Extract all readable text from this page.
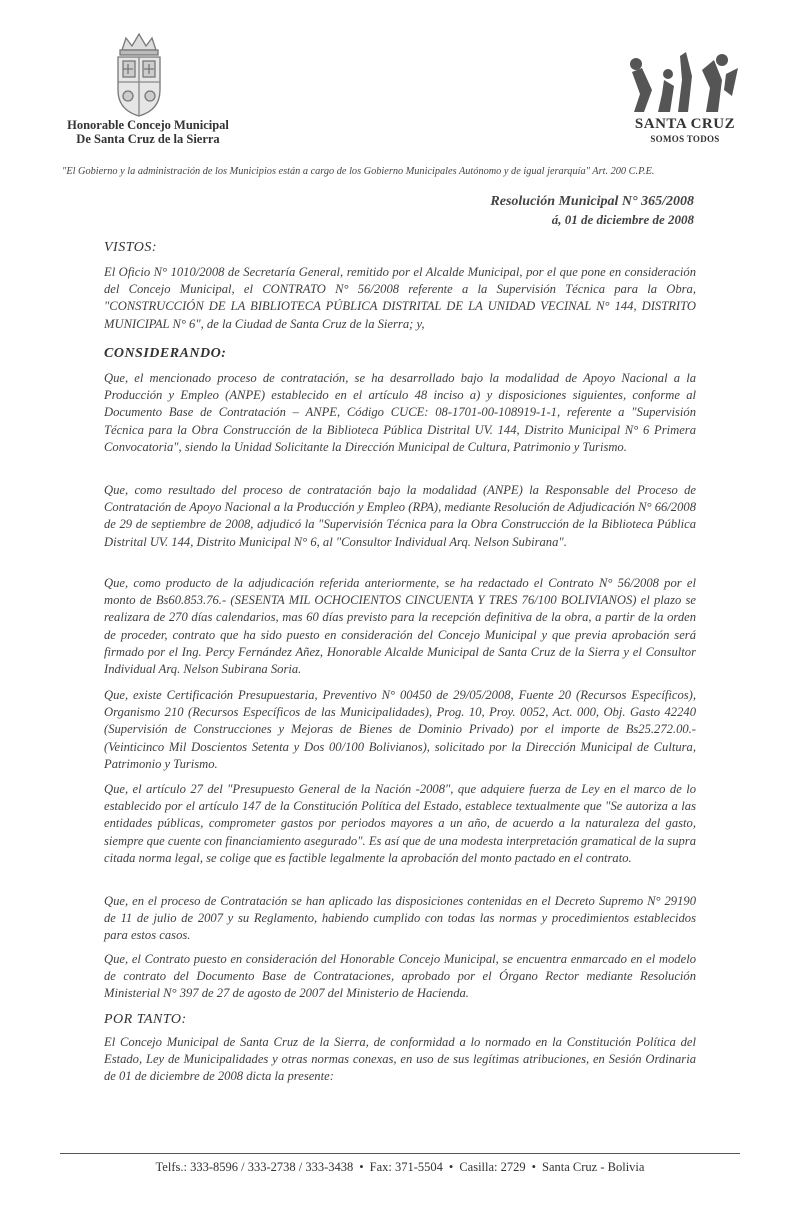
Honorable Concejo Municipal
De Santa Cruz de la Sierra
SANTA CRUZ
SOMOS TODOS
"El Gobierno y la administración de los Municipios están a cargo de los Gobierno Municipales Autónomo y de igual jerarquía" Art. 200 C.P.E.
Resolución Municipal N° 365/2008
á, 01 de diciembre de 2008
VISTOS:
El Oficio N° 1010/2008 de Secretaría General, remitido por el Alcalde Municipal, por el que pone en consideración del Concejo Municipal, el CONTRATO N° 56/2008 referente a la Supervisión Técnica para la Obra, "CONSTRUCCIÓN DE LA BIBLIOTECA PÚBLICA DISTRITAL DE LA UNIDAD VECINAL N° 144, DISTRITO MUNICIPAL N° 6", de la Ciudad de Santa Cruz de la Sierra; y,
CONSIDERANDO:
Que, el mencionado proceso de contratación, se ha desarrollado bajo la modalidad de Apoyo Nacional a la Producción y Empleo (ANPE) establecido en el artículo 48 inciso a) y disposiciones siguientes, conforme al Documento Base de Contratación – ANPE, Código CUCE: 08-1701-00-108919-1-1, referente a "Supervisión Técnica para la Obra Construcción de la Biblioteca Pública Distrital UV. 144, Distrito Municipal N° 6 Primera Convocatoria", siendo la Unidad Solicitante la Dirección Municipal de Cultura, Patrimonio y Turismo.
Que, como resultado del proceso de contratación bajo la modalidad (ANPE) la Responsable del Proceso de Contratación de Apoyo Nacional a la Producción y Empleo (RPA), mediante Resolución de Adjudicación N° 66/2008 de 29 de septiembre de 2008, adjudicó la "Supervisión Técnica para la Obra Construcción de la Biblioteca Pública Distrital UV. 144, Distrito Municipal N° 6, al "Consultor Individual Arq. Nelson Subirana".
Que, como producto de la adjudicación referida anteriormente, se ha redactado el Contrato N° 56/2008 por el monto de Bs60.853.76.- (SESENTA MIL OCHOCIENTOS CINCUENTA Y TRES 76/100 BOLIVIANOS) el plazo se realizara de 270 días calendarios, mas 60 días previsto para la recepción definitiva de la obra, a partir de la orden de proceder, contrato que ha sido puesto en consideración del Concejo Municipal y que previa aprobación será firmado por el Ing. Percy Fernández Añez, Honorable Alcalde Municipal de Santa Cruz de la Sierra y el Consultor Individual Arq. Nelson Subirana Soria.
Que, existe Certificación Presupuestaria, Preventivo N° 00450 de 29/05/2008, Fuente 20 (Recursos Específicos), Organismo 210 (Recursos Específicos de las Municipalidades), Prog. 10, Proy. 0052, Act. 000, Obj. Gasto 42240 (Supervisión de Construcciones y Mejoras de Bienes de Dominio Privado) por el importe de Bs25.272.00.- (Veinticinco Mil Doscientos Setenta y Dos 00/100 Bolivianos), solicitado por la Dirección Municipal de Cultura, Patrimonio y Turismo.
Que, el artículo 27 del "Presupuesto General de la Nación -2008", que adquiere fuerza de Ley en el marco de lo establecido por el artículo 147 de la Constitución Política del Estado, establece textualmente que "Se autoriza a las entidades públicas, comprometer gastos por periodos mayores a un año, de acuerdo a la naturaleza del gasto, siempre que cuente con financiamiento asegurado". Es así que de una modesta interpretación gramatical de la supra citada norma legal, se colige que es factible legalmente la aprobación del monto pactado en el contrato.
Que, en el proceso de Contratación se han aplicado las disposiciones contenidas en el Decreto Supremo N° 29190 de 11 de julio de 2007 y su Reglamento, habiendo cumplido con todas las normas y procedimientos establecidos para estos casos.
Que, el Contrato puesto en consideración del Honorable Concejo Municipal, se encuentra enmarcado en el modelo de contrato del Documento Base de Contrataciones, aprobado por el Órgano Rector mediante Resolución Ministerial N° 397 de 27 de agosto de 2007 del Ministerio de Hacienda.
POR TANTO:
El Concejo Municipal de Santa Cruz de la Sierra, de conformidad a lo normado en la Constitución Política del Estado, Ley de Municipalidades y otras normas conexas, en uso de sus legítimas atribuciones, en Sesión Ordinaria de 01 de diciembre de 2008 dicta la presente:
Telfs.: 333-8596 / 333-2738 / 333-3438 • Fax: 371-5504 • Casilla: 2729 • Santa Cruz - Bolivia
